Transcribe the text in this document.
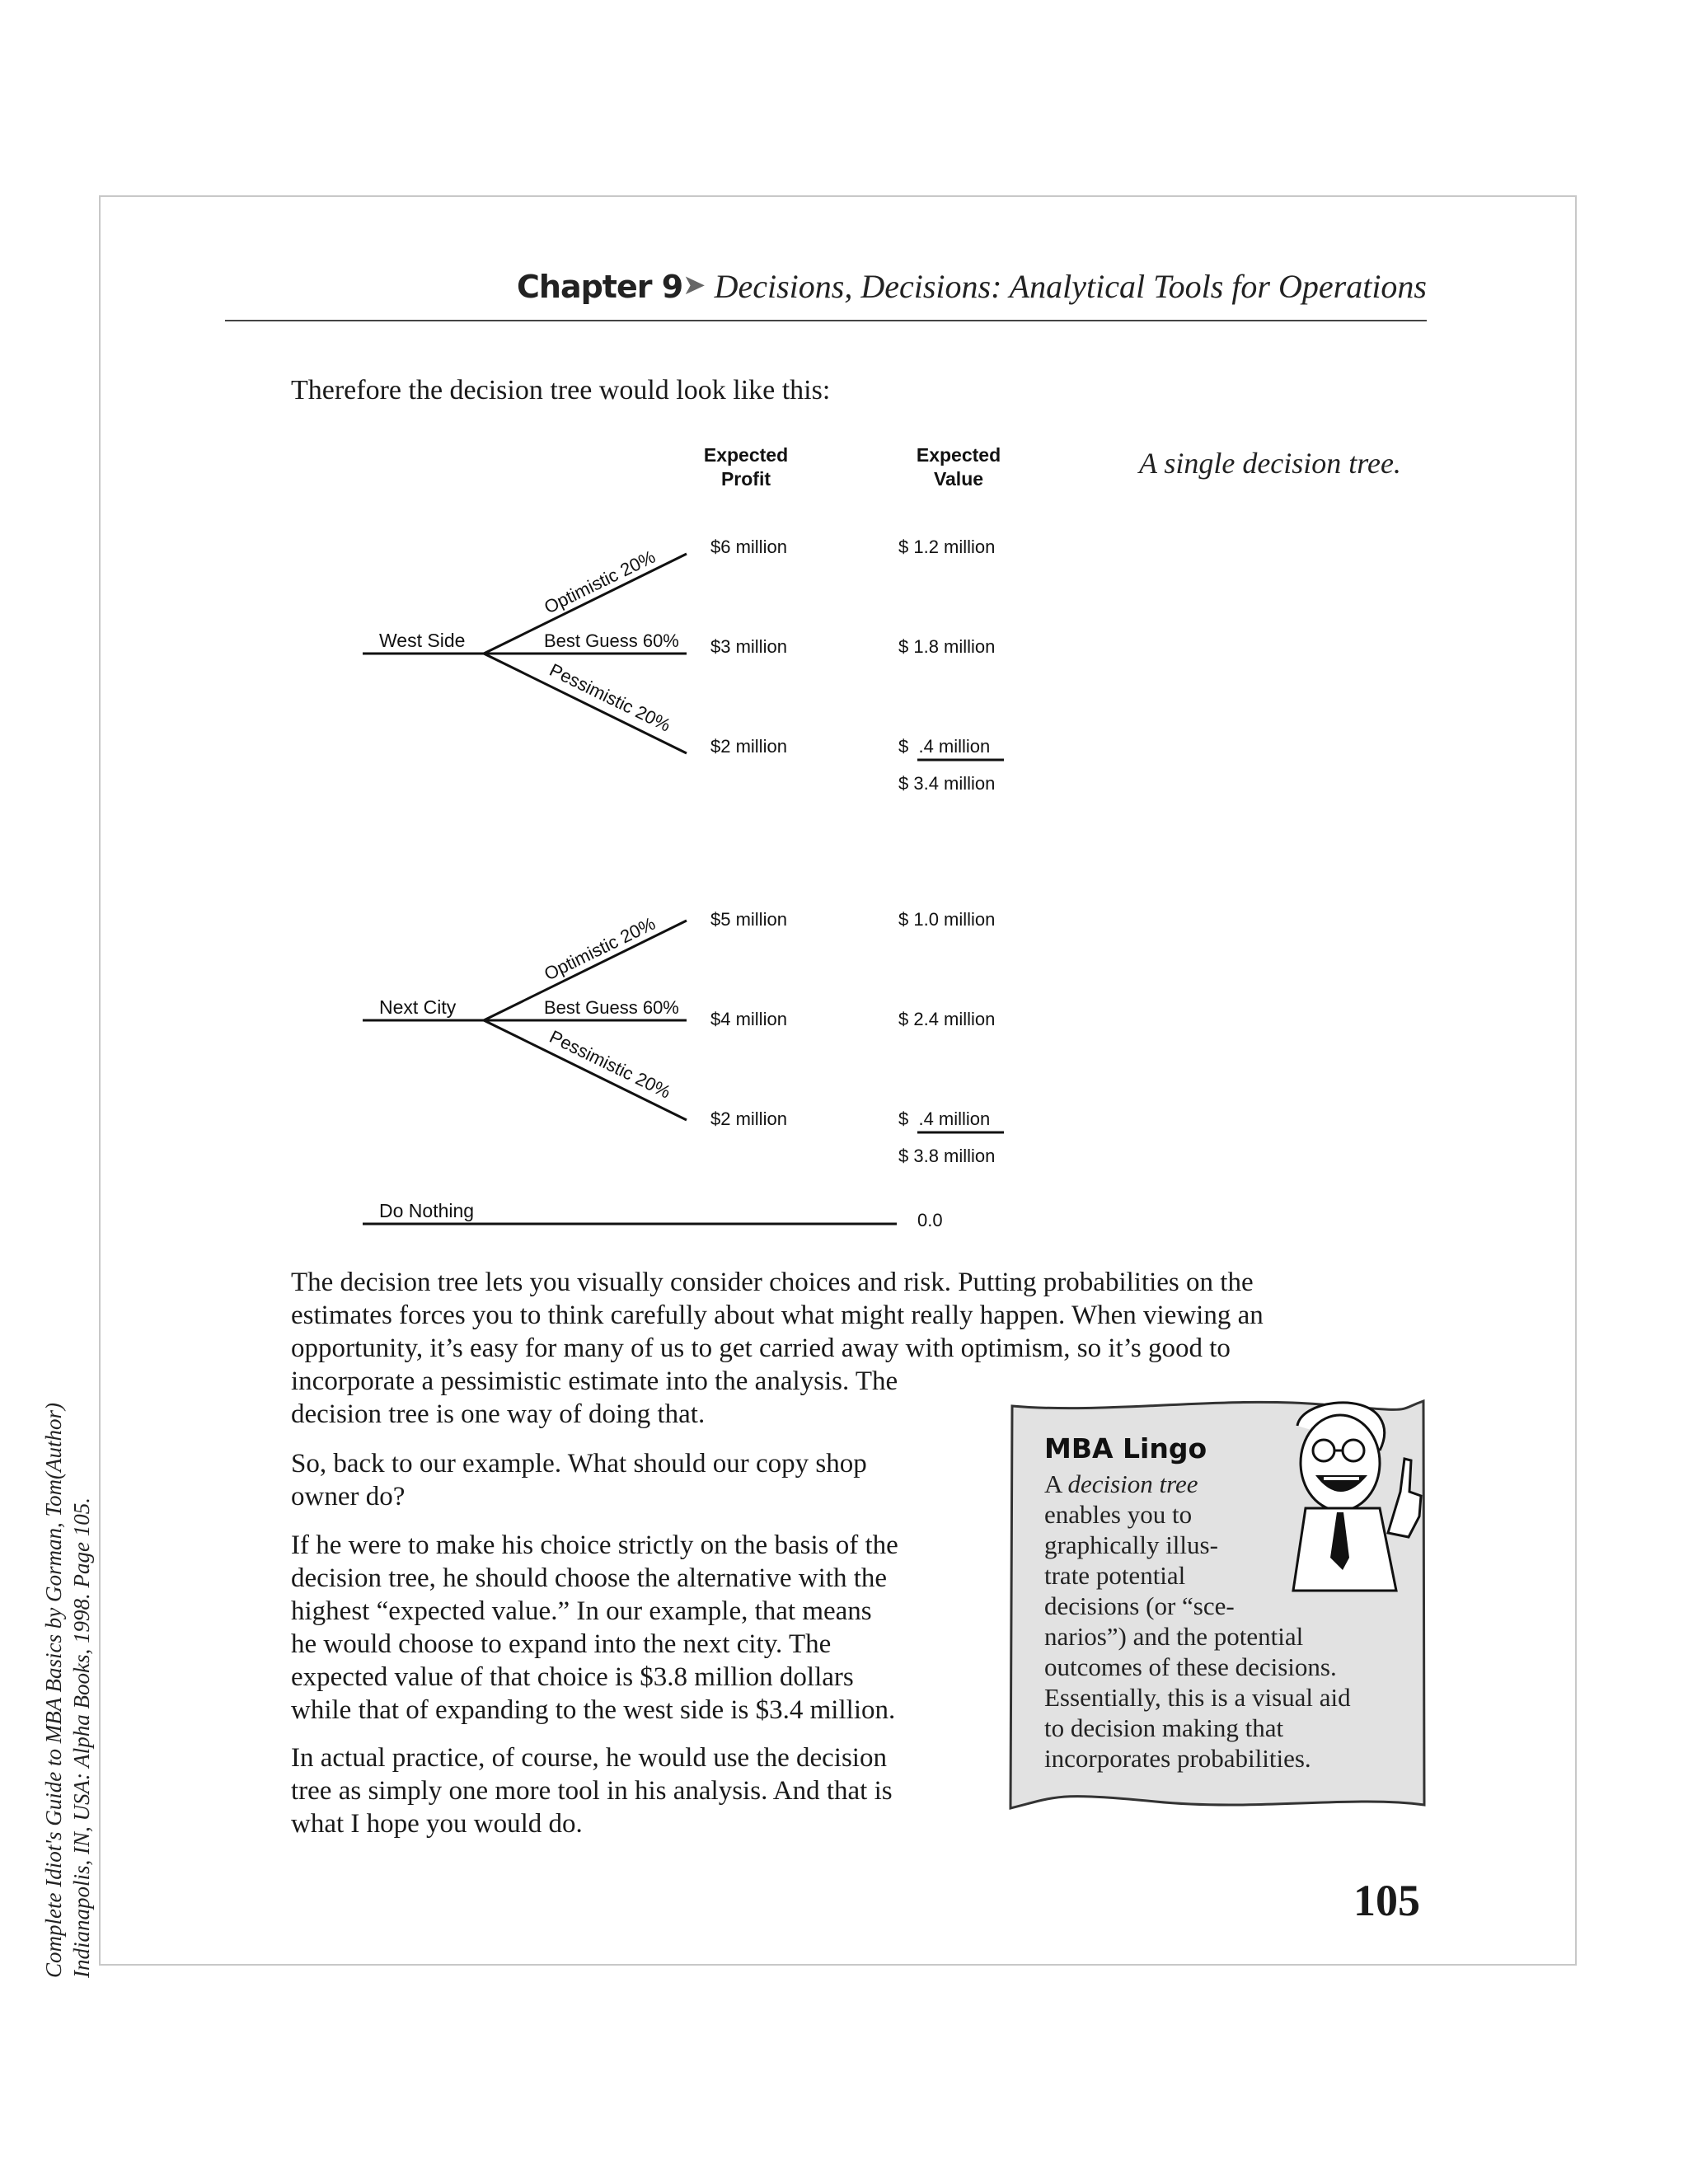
Complete Idiot's Guide to MBA Basics by Gorman, Tom(Author) Indianapolis, IN, USA: Alpha Books, 1998. Page 105.
Chapter 9 ➤ Decisions, Decisions: Analytical Tools for Operations
Therefore the decision tree would look like this:
A single decision tree.
Expected
Profit
Expected
Value
West Side
Optimistic 20%
Best Guess 60%
Pessimistic 20%
$6 million
$3 million
$2 million
$ 1.2 million
$ 1.8 million
$  .4 million
$ 3.4 million
Next City
Optimistic 20%
Best Guess 60%
Pessimistic 20%
$5 million
$4 million
$2 million
$ 1.0 million
$ 2.4 million
$  .4 million
$ 3.8 million
Do Nothing	0.0
The decision tree lets you visually consider choices and risk. Putting probabilities on the
estimates forces you to think carefully about what might really happen. When viewing an
opportunity, it’s easy for many of us to get carried away with optimism, so it’s good to
incorporate a pessimistic estimate into the analysis. The
decision tree is one way of doing that.
So, back to our example. What should our copy shop
owner do?
If he were to make his choice strictly on the basis of the
decision tree, he should choose the alternative with the
highest “expected value.” In our example, that means
he would choose to expand into the next city. The
expected value of that choice is $3.8 million dollars
while that of expanding to the west side is $3.4 million.
In actual practice, of course, he would use the decision
tree as simply one more tool in his analysis. And that is
what I hope you would do.
MBA Lingo
A decision tree
enables you to
graphically illus-
trate potential
decisions (or “sce-
narios”) and the potential
outcomes of these decisions.
Essentially, this is a visual aid
to decision making that
incorporates probabilities.
105
